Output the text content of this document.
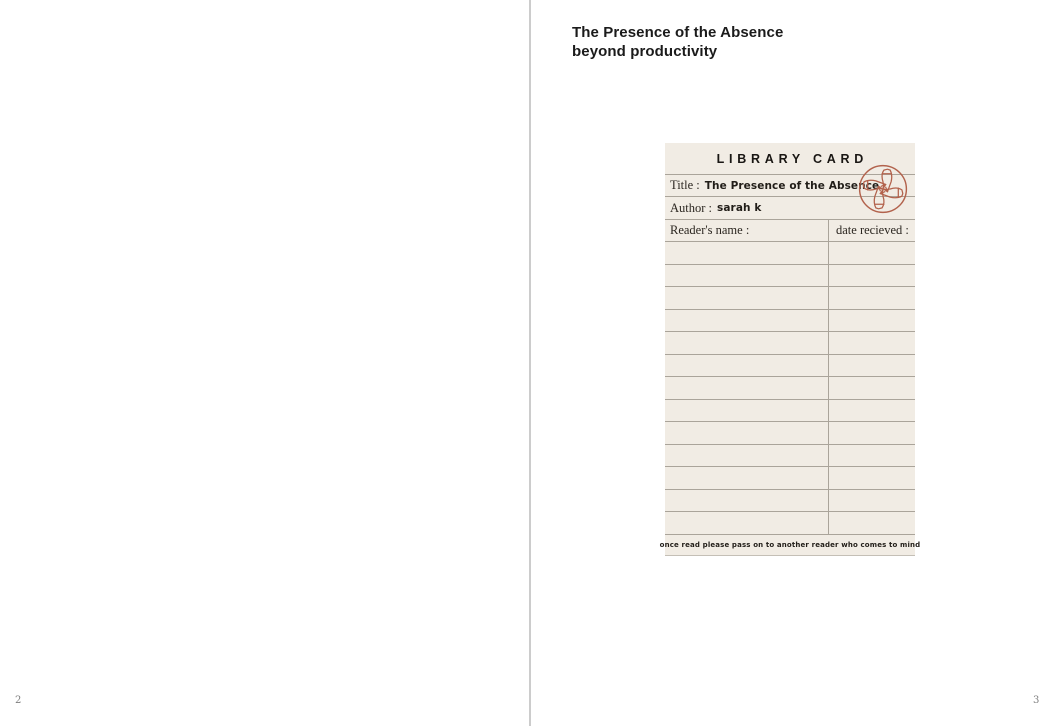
The Presence of the Absence
beyond productivity
LIBRARY CARD
Title : The Presence of the Absence
Author : sarah k
Reader's name :	date recieved :
once read please pass on to another reader who comes to mind
2	3
